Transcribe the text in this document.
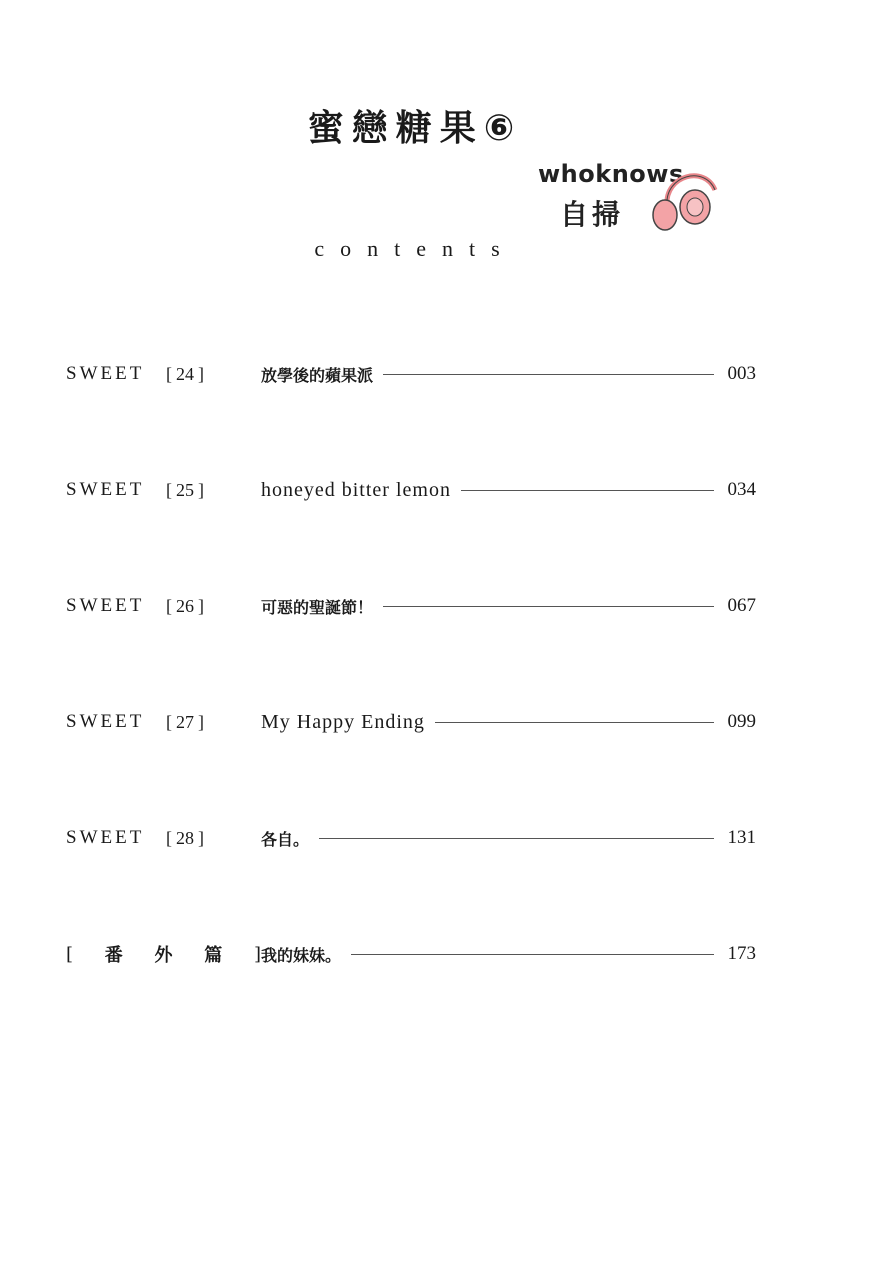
蜜戀糖果⑥
whoknows
自掃
contents
SWEET	[ 24 ]	放學後的蘋果派	003
SWEET	[ 25 ]	honeyed bitter lemon	034
SWEET	[ 26 ]	可惡的聖誕節！	067
SWEET	[ 27 ]	My Happy Ending	099
SWEET	[ 28 ]	各自。	131
[ 番 外 篇 ] 我的妹妹。	173
